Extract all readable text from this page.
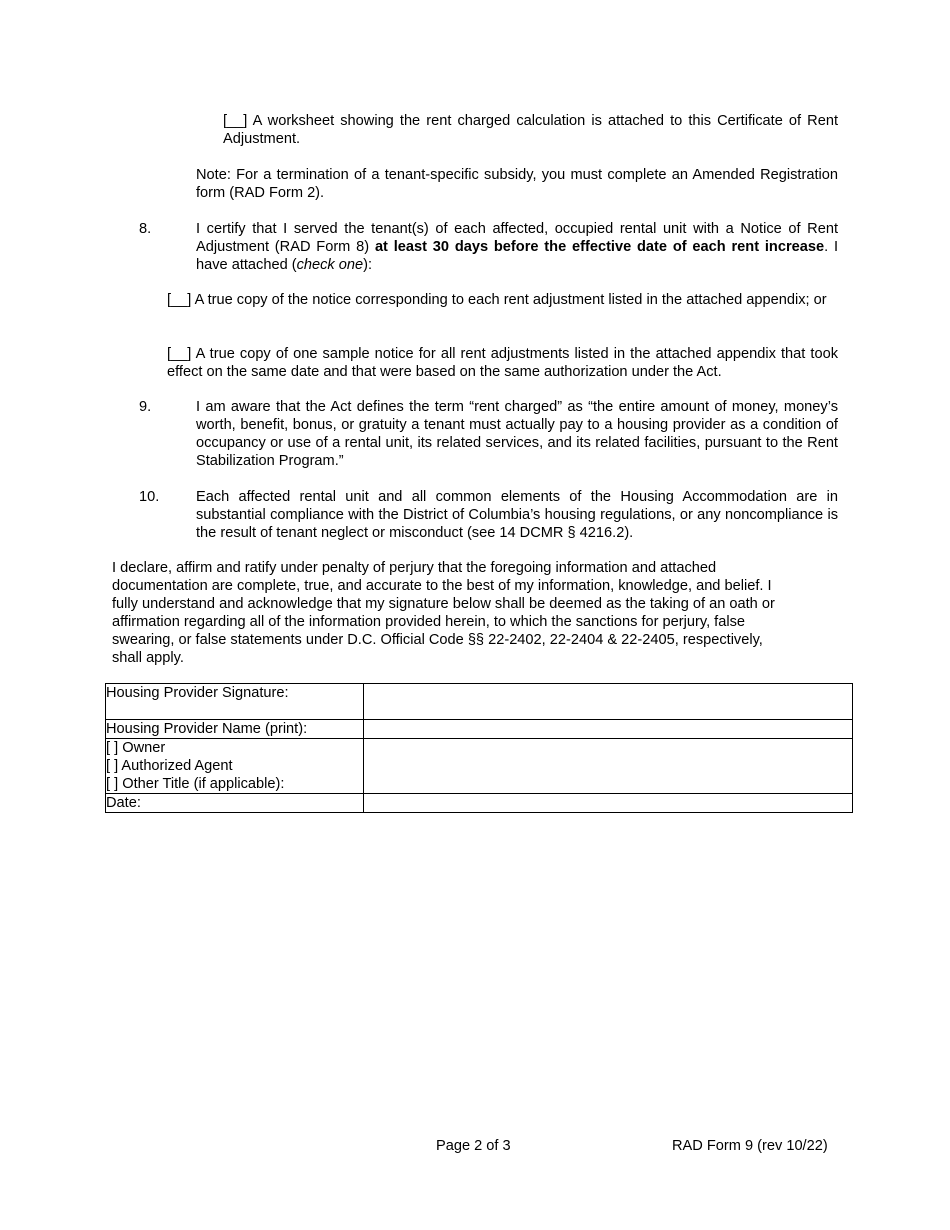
[__] A worksheet showing the rent charged calculation is attached to this Certificate of Rent Adjustment.
Note: For a termination of a tenant-specific subsidy, you must complete an Amended Registration form (RAD Form 2).
8.	I certify that I served the tenant(s) of each affected, occupied rental unit with a Notice of Rent Adjustment (RAD Form 8) at least 30 days before the effective date of each rent increase. I have attached (check one):
[__] A true copy of the notice corresponding to each rent adjustment listed in the attached appendix; or
[__] A true copy of one sample notice for all rent adjustments listed in the attached appendix that took effect on the same date and that were based on the same authorization under the Act.
9.	I am aware that the Act defines the term “rent charged” as “the entire amount of money, money’s worth, benefit, bonus, or gratuity a tenant must actually pay to a housing provider as a condition of occupancy or use of a rental unit, its related services, and its related facilities, pursuant to the Rent Stabilization Program.”
10.	Each affected rental unit and all common elements of the Housing Accommodation are in substantial compliance with the District of Columbia’s housing regulations, or any noncompliance is the result of tenant neglect or misconduct (see 14 DCMR § 4216.2).
I declare, affirm and ratify under penalty of perjury that the foregoing information and attached
documentation are complete, true, and accurate to the best of my information, knowledge, and belief. I
fully understand and acknowledge that my signature below shall be deemed as the taking of an oath or
affirmation regarding all of the information provided herein, to which the sanctions for perjury, false
swearing, or false statements under D.C. Official Code §§ 22-2402, 22-2404 & 22-2405, respectively,
shall apply.
Housing Provider Signature:	
Housing Provider Name (print):	

[ ] Owner
[ ] Authorized Agent
[ ] Other Title (if applicable):	

Date:	
Page 2 of 3	RAD Form 9 (rev 10/22)
